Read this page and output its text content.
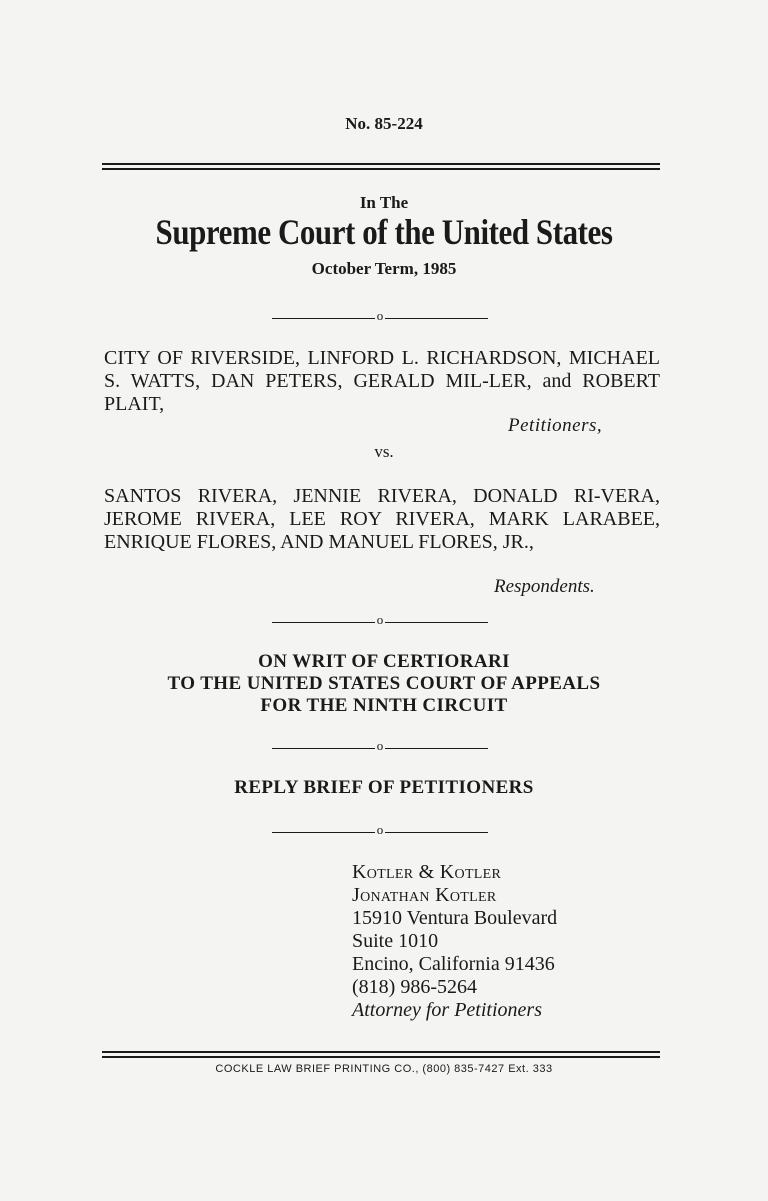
No. 85-224
In The
Supreme Court of the United States
October Term, 1985
o
CITY OF RIVERSIDE, LINFORD L. RICHARDSON, MICHAEL S. WATTS, DAN PETERS, GERALD MIL-LER, and ROBERT PLAIT,
Petitioners,
vs.
SANTOS RIVERA, JENNIE RIVERA, DONALD RI-VERA, JEROME RIVERA, LEE ROY RIVERA, MARK LARABEE, ENRIQUE FLORES, AND MANUEL FLORES, JR.,
Respondents.
o
ON WRIT OF CERTIORARI
TO THE UNITED STATES COURT OF APPEALS
FOR THE NINTH CIRCUIT
o
REPLY BRIEF OF PETITIONERS
o
Kotler & Kotler
Jonathan Kotler
15910 Ventura Boulevard
Suite 1010
Encino, California 91436
(818) 986-5264
Attorney for Petitioners
COCKLE LAW BRIEF PRINTING CO., (800) 835-7427 Ext. 333
